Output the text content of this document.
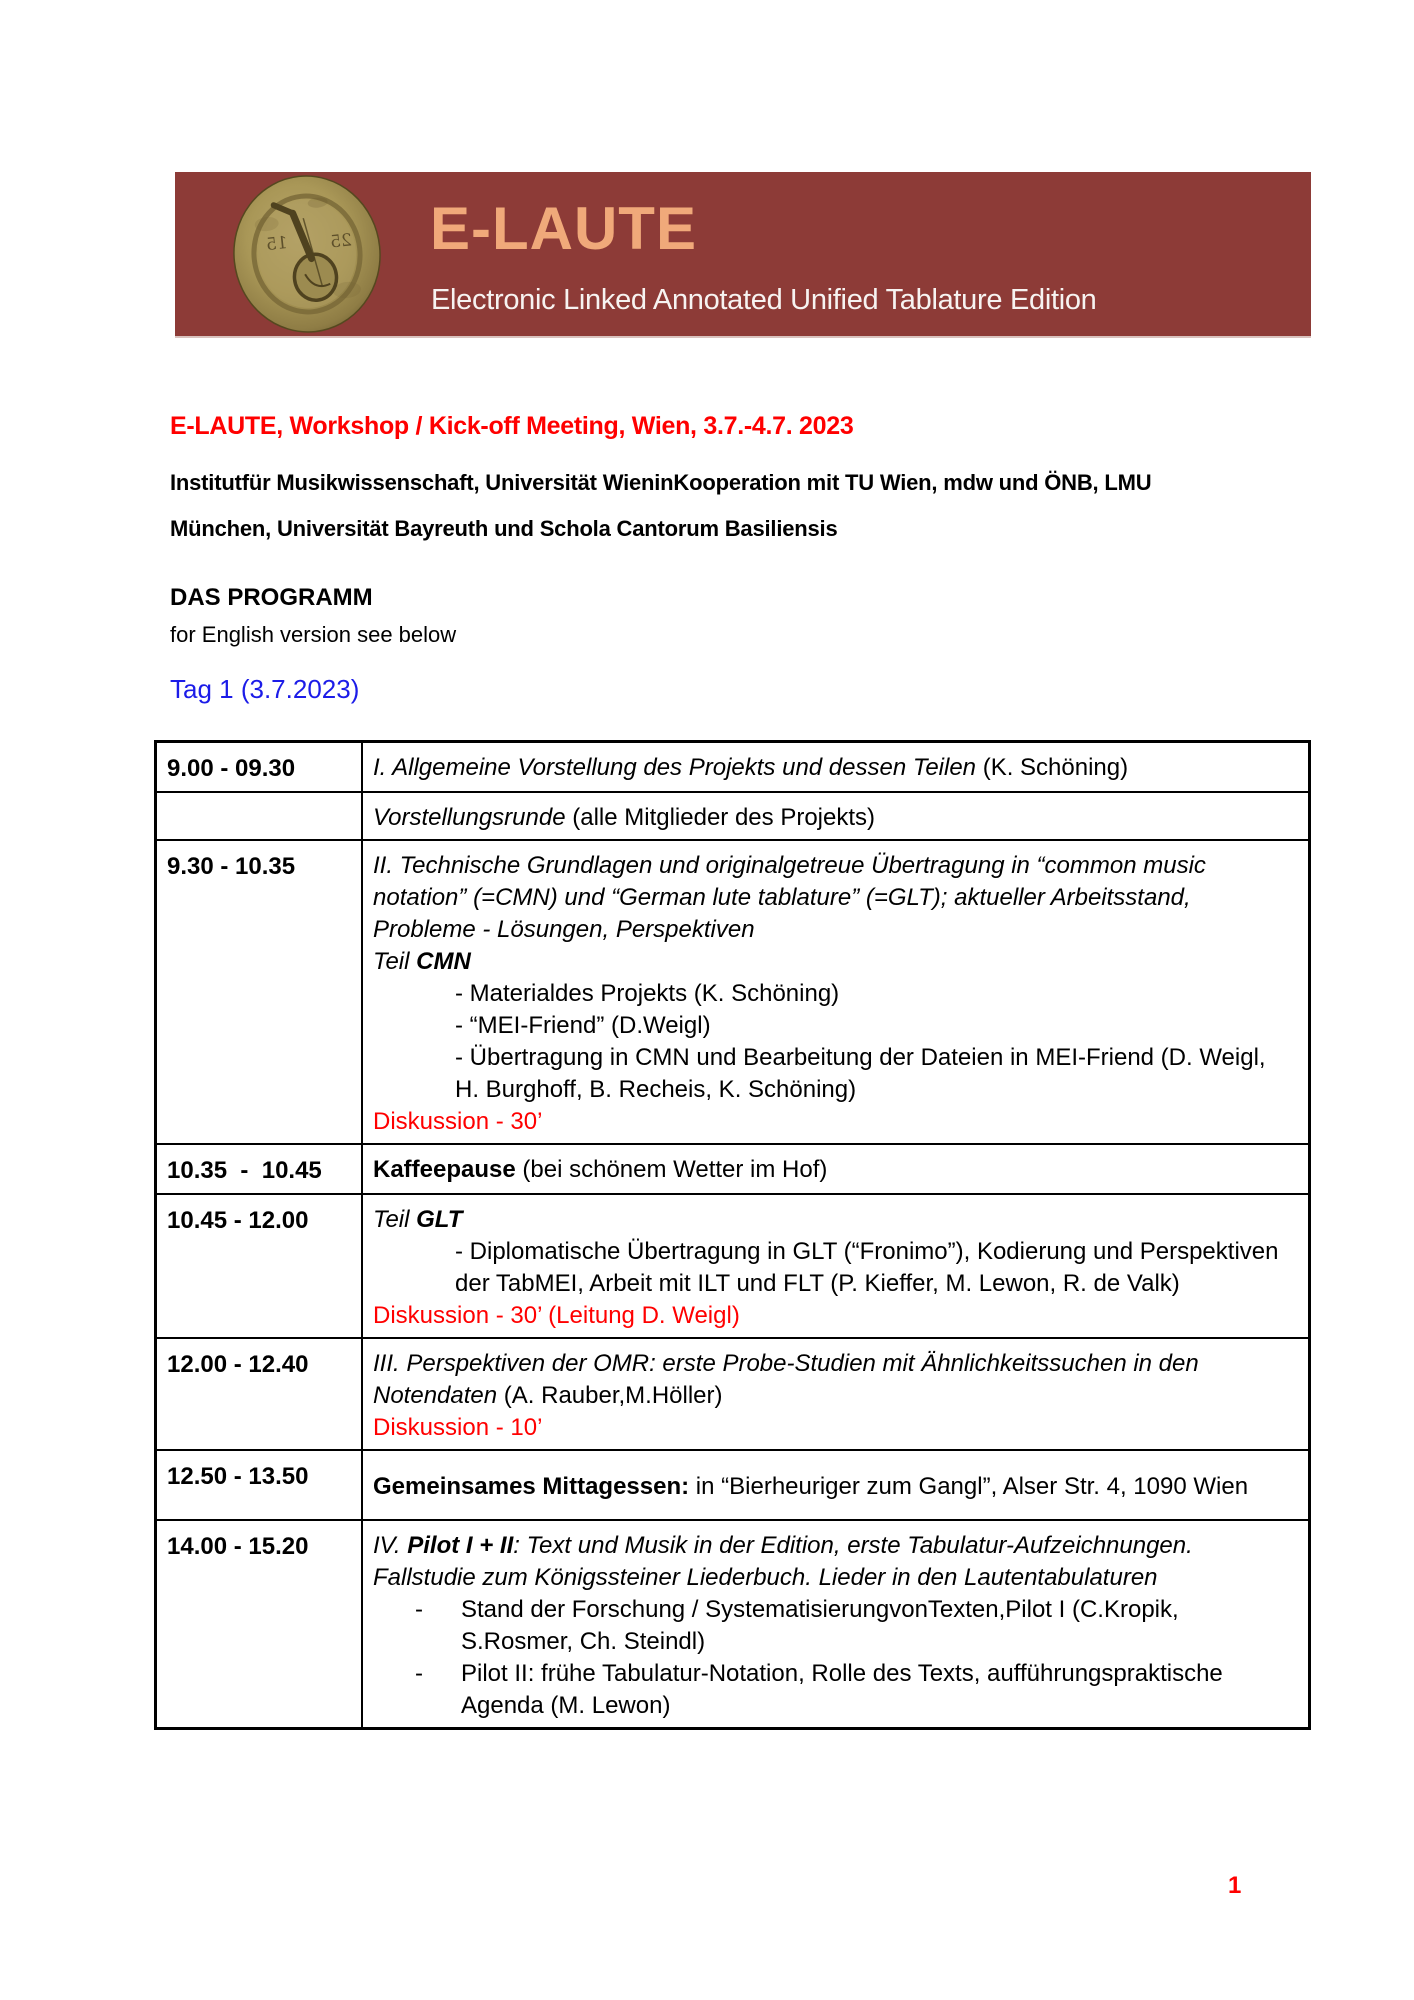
15 25 E-LAUTE
Electronic Linked Annotated Unified Tablature Edition
E-LAUTE, Workshop / Kick-off Meeting, Wien, 3.7.-4.7. 2023
Institutfür Musikwissenschaft, Universität WieninKooperation mit TU Wien, mdw und ÖNB, LMU
München, Universität Bayreuth und Schola Cantorum Basiliensis
DAS PROGRAMM
for English version see below
Tag 1 (3.7.2023)
9.00 - 09.30	I. Allgemeine Vorstellung des Projekts und dessen Teilen (K. Schöning)

	Vorstellungsrunde (alle Mitglieder des Projekts)

9.30 - 10.35	II. Technische Grundlagen und originalgetreue Übertragung in “common music notation” (=CMN) und “German lute tablature” (=GLT); aktueller Arbeitsstand, Probleme - Lösungen, Perspektiven
Teil CMN
- Materialdes Projekts (K. Schöning)
- “MEI-Friend” (D.Weigl)
- Übertragung in CMN und Bearbeitung der Dateien in MEI-Friend (D. Weigl, H. Burghoff, B. Recheis, K. Schöning)
Diskussion - 30’

10.35  -  10.45	Kaffeepause (bei schönem Wetter im Hof)

10.45 - 12.00	Teil GLT
- Diplomatische Übertragung in GLT (“Fronimo”), Kodierung und Perspektiven der TabMEI, Arbeit mit ILT und FLT (P. Kieffer, M. Lewon, R. de Valk)
Diskussion - 30’ (Leitung D. Weigl)

12.00 - 12.40	III. Perspektiven der OMR: erste Probe-Studien mit Ähnlichkeitssuchen in den Notendaten (A. Rauber,M.Höller)
Diskussion - 10’

12.50 - 13.50	Gemeinsames Mittagessen: in “Bierheuriger zum Gangl”, Alser Str. 4, 1090 Wien

14.00 - 15.20	IV. Pilot I + II: Text und Musik in der Edition, erste Tabulatur-Aufzeichnungen. Fallstudie zum Königssteiner Liederbuch. Lieder in den Lautentabulaturen
- Stand der Forschung / SystematisierungvonTexten,Pilot I (C.Kropik, S.Rosmer, Ch. Steindl)
- Pilot II: frühe Tabulatur-Notation, Rolle des Texts, aufführungspraktische Agenda (M. Lewon)
1
